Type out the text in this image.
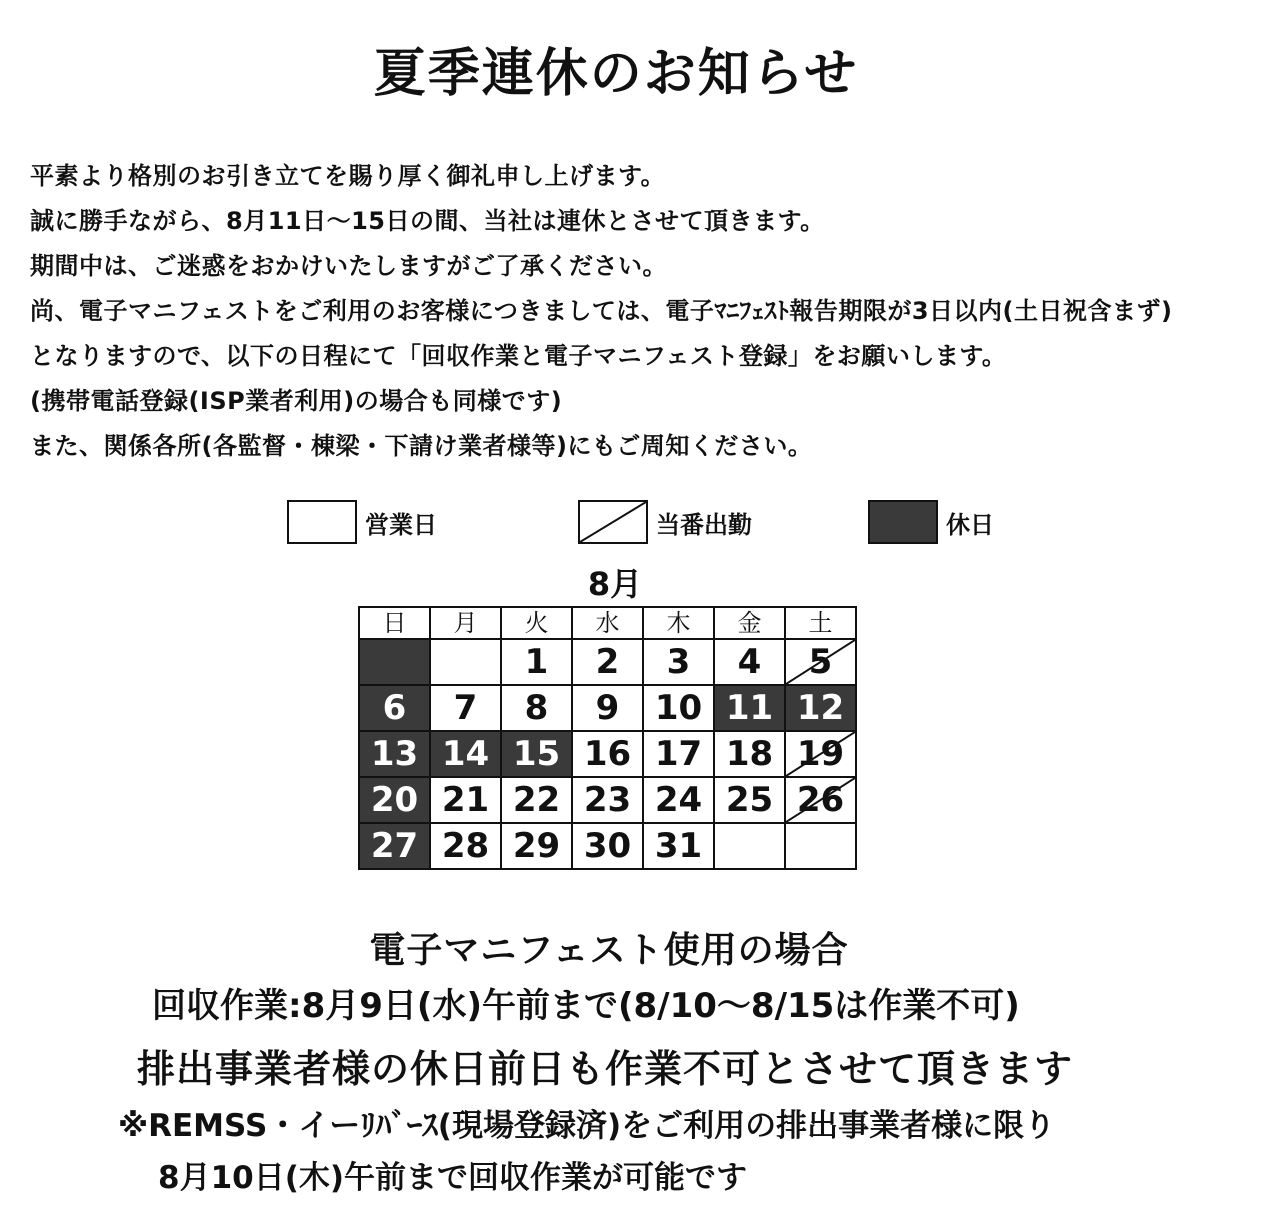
夏季連休のお知らせ
平素より格別のお引き立てを賜り厚く御礼申し上げます。
誠に勝手ながら、8月11日～15日の間、当社は連休とさせて頂きます。
期間中は、ご迷惑をおかけいたしますがご了承ください。
尚、電子マニフェストをご利用のお客様につきましては、電子ﾏﾆﾌｪｽﾄ報告期限が3日以内(土日祝含まず)
となりますので、以下の日程にて「回収作業と電子マニフェスト登録」をお願いします。
(携帯電話登録(ISP業者利用)の場合も同様です)
また、関係各所(各監督・棟梁・下請け業者様等)にもご周知ください。
営業日	当番出勤	休日
8月
日	月	火	水	木	金	土
		1	2	3	4	5
6	7	8	9	10	11	12
13	14	15	16	17	18	19
20	21	22	23	24	25	26
27	28	29	30	31		
電子マニフェスト使用の場合
回収作業:8月9日(水)午前まで(8/10～8/15は作業不可)
排出事業者様の休日前日も作業不可とさせて頂きます
※REMSS・イーﾘﾊﾞｰｽ(現場登録済)をご利用の排出事業者様に限り
8月10日(木)午前まで回収作業が可能です
